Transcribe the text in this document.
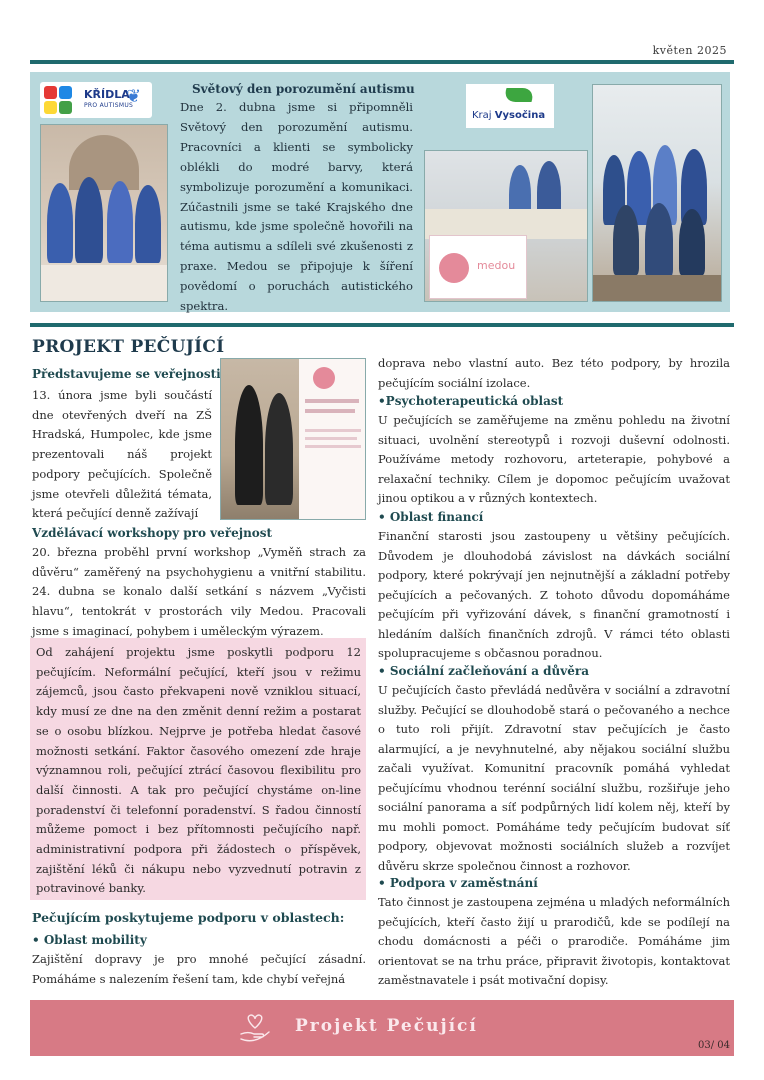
květen 2025
KŘÍDLA
PRO AUTISMUS
❦	Světový den porozumění autismu
Dne 2. dubna jsme si připomněli Světový den porozumění autismu. Pracovníci a klienti se symbolicky oblékli do modré barvy, která symbolizuje porozumění a komunikaci. Zúčastnili jsme se také Krajského dne autismu, kde jsme společně hovořili na téma autismu a sdíleli své zkušenosti z praxe. Medou se připojuje k šíření povědomí o poruchách autistického spektra.
Kraj Vysočina
medou
PROJEKT PEČUJÍCÍ
Představujeme se veřejnosti
13. února jsme byli součástí dne otevřených dveří na ZŠ Hradská, Humpolec, kde jsme prezentovali náš projekt podpory pečujících. Společně jsme otevřeli důležitá témata, která pečující denně zažívají
Vzdělávací workshopy pro veřejnost
20. března proběhl první workshop „Vyměň strach za důvěru“ zaměřený na psychohygienu a vnitřní stabilitu. 24. dubna se konalo další setkání s názvem „Vyčisti hlavu“, tentokrát v prostorách vily Medou. Pracovali jsme s imaginací, pohybem i uměleckým výrazem.
Od zahájení projektu jsme poskytli podporu 12 pečujícím. Neformální pečující, kteří jsou v režimu zájemců, jsou často překvapeni nově vzniklou situací, kdy musí ze dne na den změnit denní režim a postarat se o osobu blízkou. Nejprve je potřeba hledat časové možnosti setkání. Faktor časového omezení zde hraje významnou roli, pečující ztrácí časovou flexibilitu pro další činnosti. A tak pro pečující chystáme on-line poradenství či telefonní poradenství. S řadou činností můžeme pomoct i bez přítomnosti pečujícího např. administrativní podpora při žádostech o příspěvek, zajištění léků či nákupu nebo vyzvednutí potravin z potravinové banky.
Pečujícím poskytujeme podporu v oblastech:
• Oblast mobility
Zajištění dopravy je pro mnohé pečující zásadní. Pomáháme s nalezením řešení tam, kde chybí veřejná
doprava nebo vlastní auto. Bez této podpory, by hrozila pečujícím sociální izolace.
•Psychoterapeutická oblast
U pečujících se zaměřujeme na změnu pohledu na životní situaci, uvolnění stereotypů i rozvoji duševní odolnosti. Používáme metody rozhovoru, arteterapie, pohybové a relaxační techniky. Cílem je dopomoc pečujícím uvažovat jinou optikou a v různých kontextech.
• Oblast financí
Finanční starosti jsou zastoupeny u většiny pečujících. Důvodem je dlouhodobá závislost na dávkách sociální podpory, které pokrývají jen nejnutnější a základní potřeby pečujících a pečovaných. Z tohoto důvodu dopomáháme pečujícím při vyřizování dávek, s finanční gramotností i hledáním dalších finančních zdrojů. V rámci této oblasti spolupracujeme s občasnou poradnou.
• Sociální začleňování a důvěra
U pečujících často převládá nedůvěra v sociální a zdravotní služby. Pečující se dlouhodobě stará o pečovaného a nechce o tuto roli přijít. Zdravotní stav pečujících je často alarmující, a je nevyhnutelné, aby nějakou sociální službu začali využívat. Komunitní pracovník pomáhá vyhledat pečujícímu vhodnou terénní sociální službu, rozšiřuje jeho sociální panorama a síť podpůrných lidí kolem něj, kteří by mu mohli pomoct. Pomáháme tedy pečujícím budovat síť podpory, objevovat možnosti sociálních služeb a rozvíjet důvěru skrze společnou činnost a rozhovor.
• Podpora v zaměstnání
Tato činnost je zastoupena zejména u mladých neformálních pečujících, kteří často žijí u prarodičů, kde se podílejí na chodu domácnosti a péči o prarodiče. Pomáháme jim orientovat se na trhu práce, připravit životopis, kontaktovat zaměstnavatele i psát motivační dopisy.
Projekt Pečující
03/ 04
